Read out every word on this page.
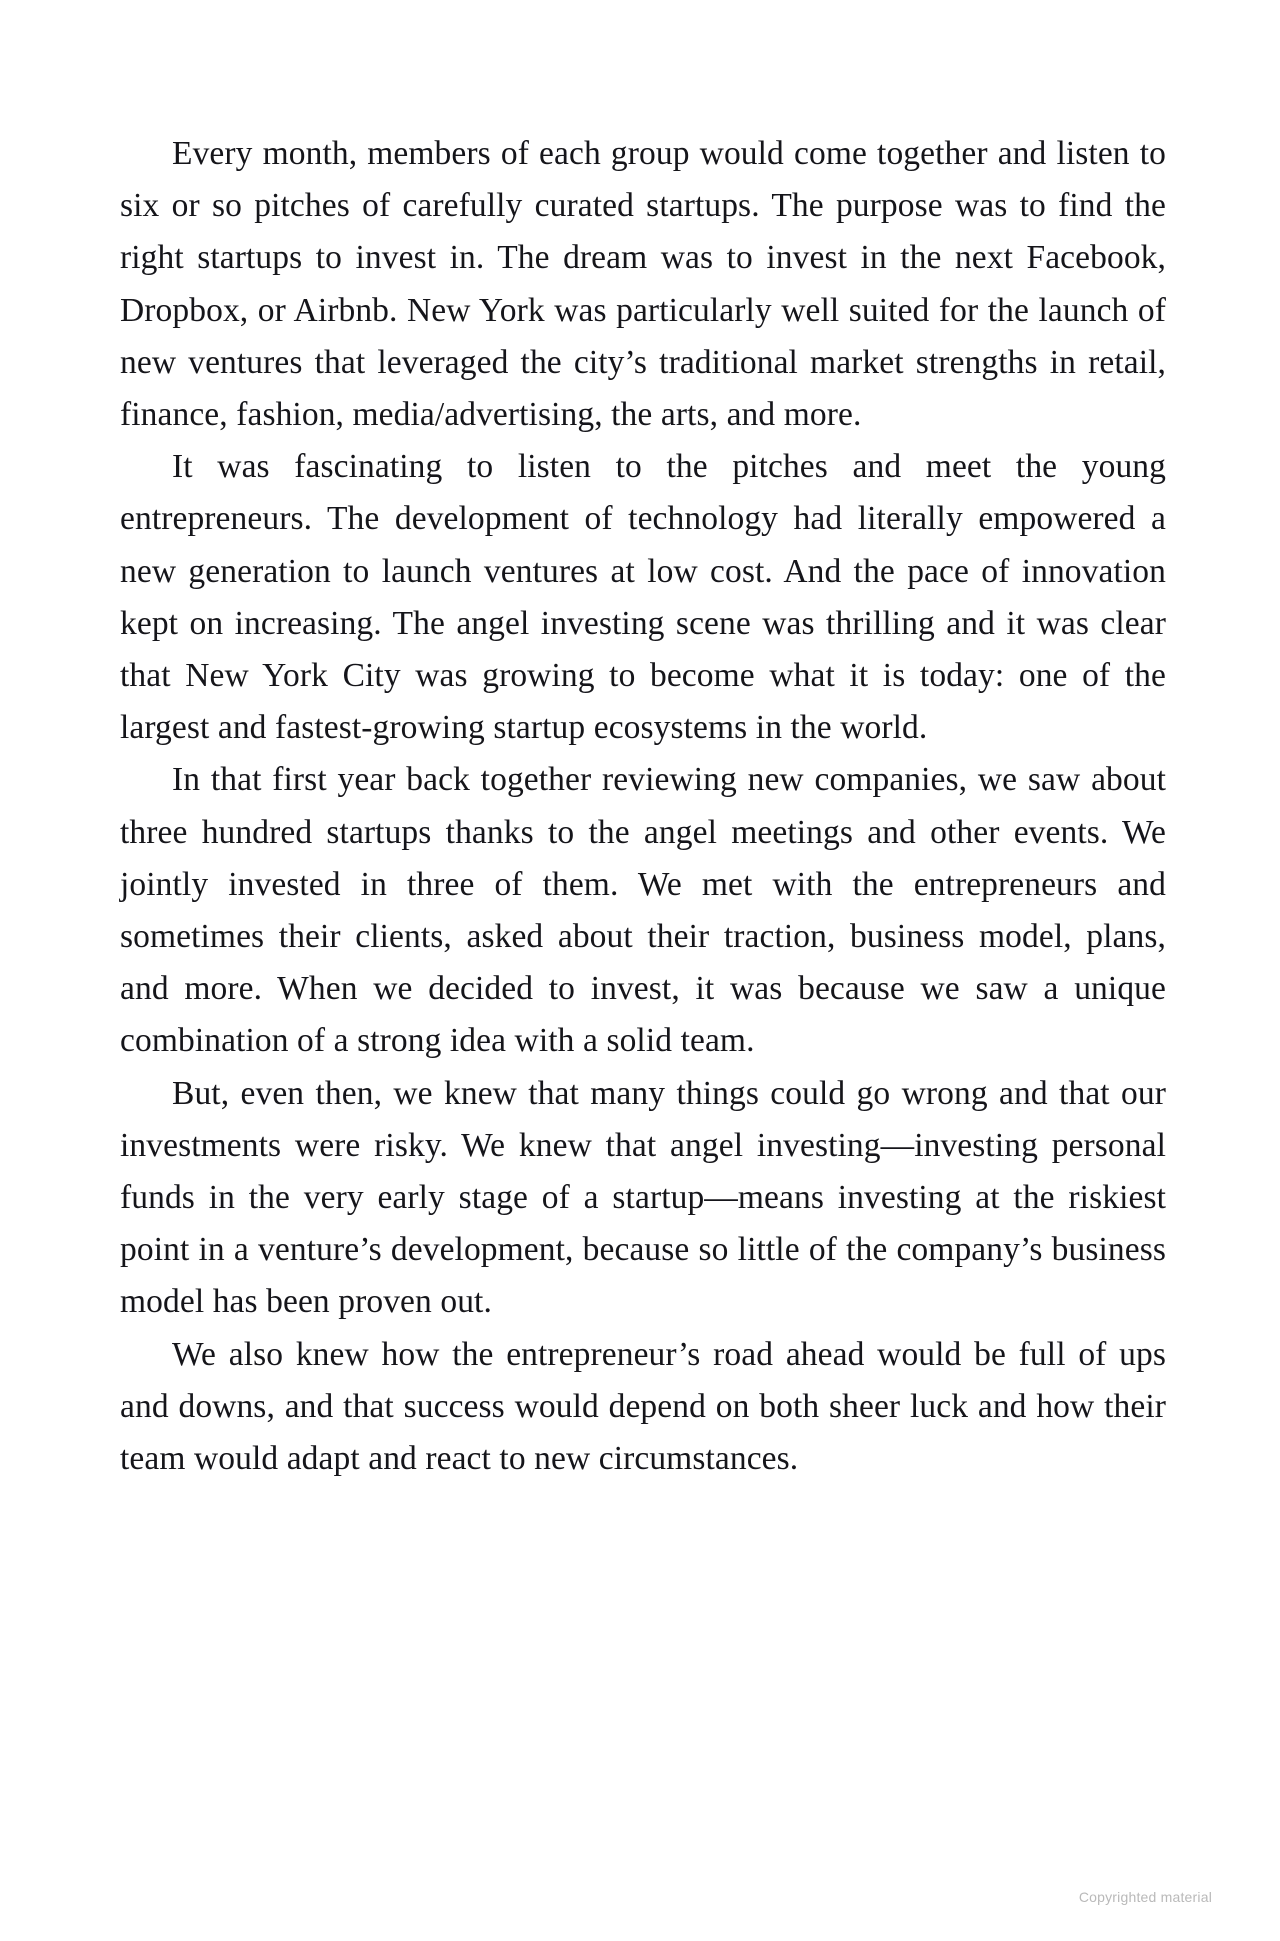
Every month, members of each group would come together and listen to six or so pitches of carefully curated startups. The purpose was to find the right startups to invest in. The dream was to invest in the next Facebook, Dropbox, or Airbnb. New York was particularly well suited for the launch of new ventures that leveraged the city’s traditional market strengths in retail, finance, fashion, media/advertising, the arts, and more.

It was fascinating to listen to the pitches and meet the young entrepreneurs. The development of technology had literally empowered a new generation to launch ventures at low cost. And the pace of innovation kept on increasing. The angel investing scene was thrilling and it was clear that New York City was growing to become what it is today: one of the largest and fastest-growing startup ecosystems in the world.

In that first year back together reviewing new companies, we saw about three hundred startups thanks to the angel meetings and other events. We jointly invested in three of them. We met with the entrepreneurs and sometimes their clients, asked about their traction, business model, plans, and more. When we decided to invest, it was because we saw a unique combination of a strong idea with a solid team.

But, even then, we knew that many things could go wrong and that our investments were risky. We knew that angel investing—investing personal funds in the very early stage of a startup—means investing at the riskiest point in a venture’s development, because so little of the company’s business model has been proven out.

We also knew how the entrepreneur’s road ahead would be full of ups and downs, and that success would depend on both sheer luck and how their team would adapt and react to new circumstances.

Copyrighted material
